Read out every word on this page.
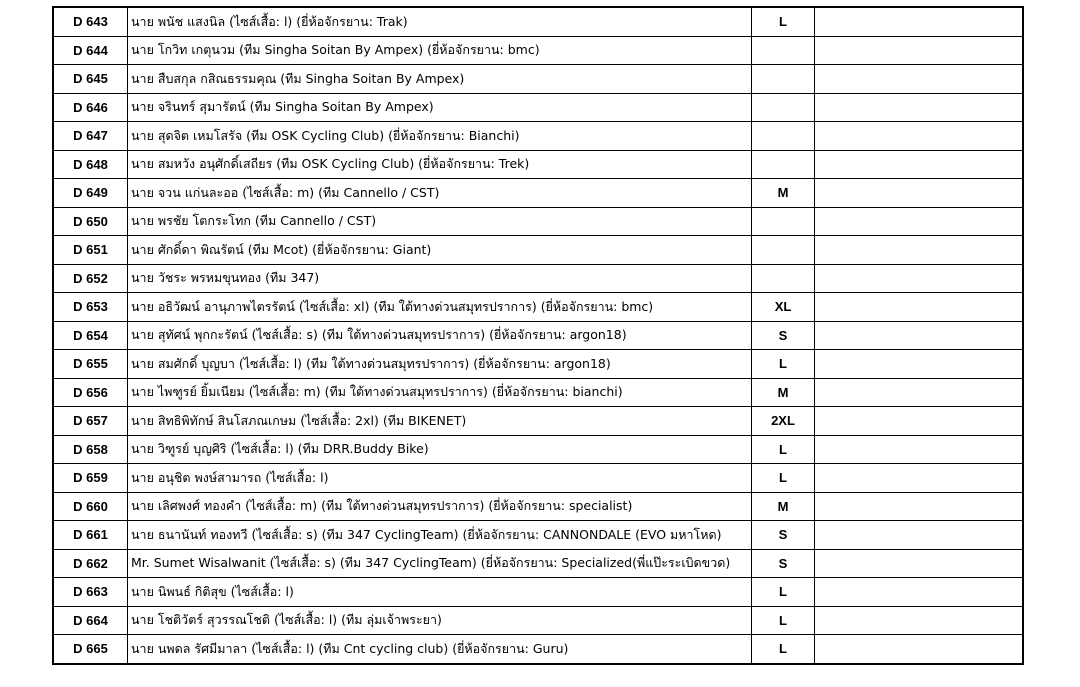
D 643	นาย พนัช แสงนิล (ไซส์เสื้อ: l) (ยี่ห้อจักรยาน: Trak)	L	
D 644	นาย โกวิท เกตุนวม (ทีม Singha Soitan By Ampex) (ยี่ห้อจักรยาน: bmc)		
D 645	นาย สืบสกุล กสิณธรรมคุณ (ทีม Singha Soitan By Ampex)		
D 646	นาย จรินทร์ สุมารัตน์ (ทีม Singha Soitan By Ampex)		
D 647	นาย สุดจิต เหมโสรัจ (ทีม OSK Cycling Club) (ยี่ห้อจักรยาน: Bianchi)		
D 648	นาย สมหวัง อนุศักดิ์เสถียร (ทีม OSK Cycling Club) (ยี่ห้อจักรยาน: Trek)		
D 649	นาย จวน แก่นละออ (ไซส์เสื้อ: m) (ทีม Cannello / CST)	M	
D 650	นาย พรชัย โตกระโทก (ทีม Cannello / CST)		
D 651	นาย ศักดิ์ดา พิณรัตน์ (ทีม Mcot) (ยี่ห้อจักรยาน: Giant)		
D 652	นาย วัชระ พรหมขุนทอง (ทีม 347)		
D 653	นาย อธิวัฒน์ อานุภาพไตรรัตน์ (ไซส์เสื้อ: xl) (ทีม ใต้ทางด่วนสมุทรปราการ) (ยี่ห้อจักรยาน: bmc)	XL	
D 654	นาย สุทัศน์ พุกกะรัตน์ (ไซส์เสื้อ: s) (ทีม ใต้ทางด่วนสมุทรปราการ) (ยี่ห้อจักรยาน: argon18)	S	
D 655	นาย สมศักดิ์ บุญบา (ไซส์เสื้อ: l) (ทีม ใต้ทางด่วนสมุทรปราการ) (ยี่ห้อจักรยาน: argon18)	L	
D 656	นาย ไพฑูรย์ ยิ้มเนียม (ไซส์เสื้อ: m) (ทีม ใต้ทางด่วนสมุทรปราการ) (ยี่ห้อจักรยาน: bianchi)	M	
D 657	นาย สิทธิพิทักษ์ สินโสภณเกษม (ไซส์เสื้อ: 2xl) (ทีม BIKENET)	2XL	
D 658	นาย วิฑูรย์ บุญศิริ (ไซส์เสื้อ: l) (ทีม DRR.Buddy Bike)	L	
D 659	นาย อนุชิต พงษ์สามารถ (ไซส์เสื้อ: l)	L	
D 660	นาย เลิศพงศ์ ทองคำ (ไซส์เสื้อ: m) (ทีม ใต้ทางด่วนสมุทรปราการ) (ยี่ห้อจักรยาน: specialist)	M	
D 661	นาย ธนานันท์ ทองทวี (ไซส์เสื้อ: s) (ทีม 347 CyclingTeam) (ยี่ห้อจักรยาน: CANNONDALE (EVO มหาโหด)	S	
D 662	Mr. Sumet Wisalwanit (ไซส์เสื้อ: s) (ทีม 347 CyclingTeam) (ยี่ห้อจักรยาน: Specialized(พี่แป๊ะระเบิดขวด)	S	
D 663	นาย นิพนธ์ กิติสุข (ไซส์เสื้อ: l)	L	
D 664	นาย โชติวัตร์ สุวรรณโชติ (ไซส์เสื้อ: l) (ทีม ลุ่มเจ้าพระยา)	L	
D 665	นาย นพดล รัศมีมาลา (ไซส์เสื้อ: l) (ทีม Cnt cycling club) (ยี่ห้อจักรยาน: Guru)	L	
